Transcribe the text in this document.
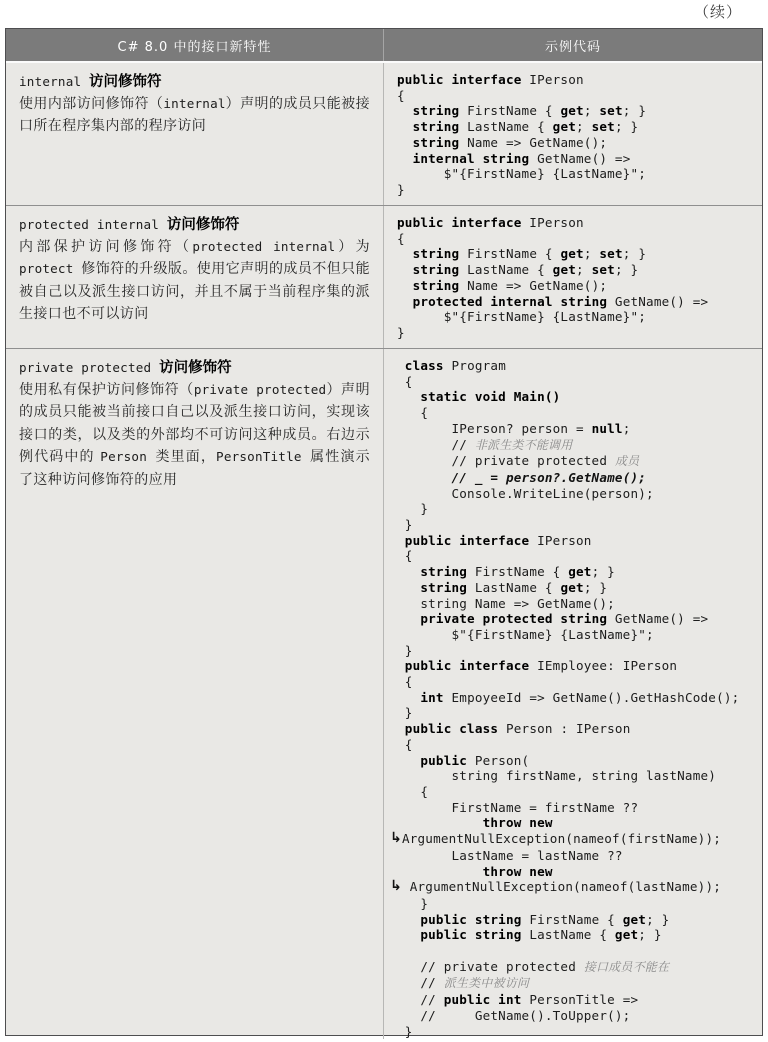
（续）
C# 8.0 中的接口新特性	示例代码
internal 访问修饰符
使用内部访问修饰符（internal）声明的成员只能被接口所在程序集内部的程序访问
public interface IPerson
{
string FirstName { get; set; }
string LastName { get; set; }
string Name => GetName();
internal string GetName() =>
$"{FirstName} {LastName}";
}
protected internal 访问修饰符
内部保护访问修饰符（protected internal）为 protect 修饰符的升级版。使用它声明的成员不但只能被自己以及派生接口访问，并且不属于当前程序集的派生接口也不可以访问
public interface IPerson
{
string FirstName { get; set; }
string LastName { get; set; }
string Name => GetName();
protected internal string GetName() =>
$"{FirstName} {LastName}";
}
private protected 访问修饰符
使用私有保护访问修饰符（private protected）声明的成员只能被当前接口自己以及派生接口访问，实现该接口的类，以及类的外部均不可访问这种成员。右边示例代码中的 Person 类里面，PersonTitle 属性演示了这种访问修饰符的应用
class Program
{
static void Main()
{
IPerson? person = null;
// 非派生类不能调用
// private protected 成员
// _ = person?.GetName();
Console.WriteLine(person);
}
}
public interface IPerson
{
string FirstName { get; }
string LastName { get; }
string Name => GetName();
private protected string GetName() =>
$"{FirstName} {LastName}";
}
public interface IEmployee: IPerson
{
int EmpoyeeId => GetName().GetHashCode();
}
public class Person : IPerson
{
public Person(
string firstName, string lastName)
{
FirstName = firstName ??
throw new
↳ArgumentNullException(nameof(firstName));
LastName = lastName ??
throw new
↳ ArgumentNullException(nameof(lastName));
}
public string FirstName { get; }
public string LastName { get; }

// private protected 接口成员不能在
// 派生类中被访问
// public int PersonTitle =>
//     GetName().ToUpper();
}
